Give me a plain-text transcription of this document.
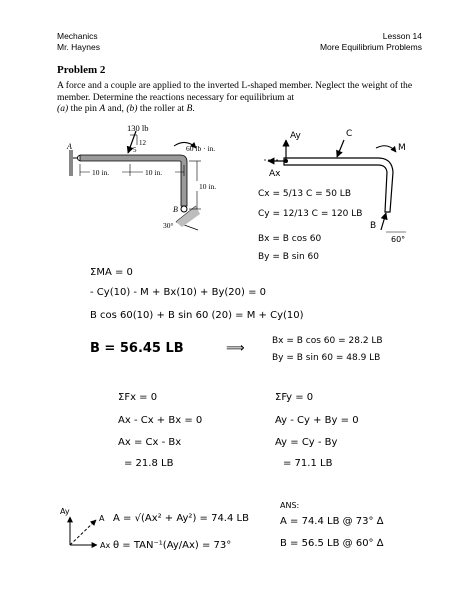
Mechanics
Mr. Haynes
Lesson 14
More Equilibrium Problems
Problem 2
A force and a couple are applied to the inverted L-shaped member. Neglect the weight of the
member. Determine the reactions necessary for equilibrium at
(a) the pin A and, (b) the roller at B.
130 lb
12
5	60 lb · in.
10 in.	10 in.
10 in.
A
B
30°
Ay	C
M
Ax
B
60°
Cx = 5/13 C = 50 LB
Cy = 12/13 C = 120 LB
Bx = B cos 60
By = B sin 60
ΣMA = 0
- Cy(10) - M + Bx(10) + By(20) = 0
B cos 60(10) + B sin 60 (20) = M + Cy(10)
B = 56.45 LB	⟹	Bx = B cos 60 = 28.2 LB
By = B sin 60 = 48.9 LB
ΣFx = 0
Ax - Cx + Bx = 0
Ax = Cx - Bx
= 21.8 LB
ΣFy = 0
Ay - Cy + By = 0
Ay = Cy - By
= 71.1 LB
Ay
A
Ax
A = √(Ax² + Ay²) = 74.4 LB
θ = TAN⁻¹(Ay/Ax) = 73°
ANS:
A = 74.4 LB @ 73° ∆
B = 56.5 LB @ 60° ∆
